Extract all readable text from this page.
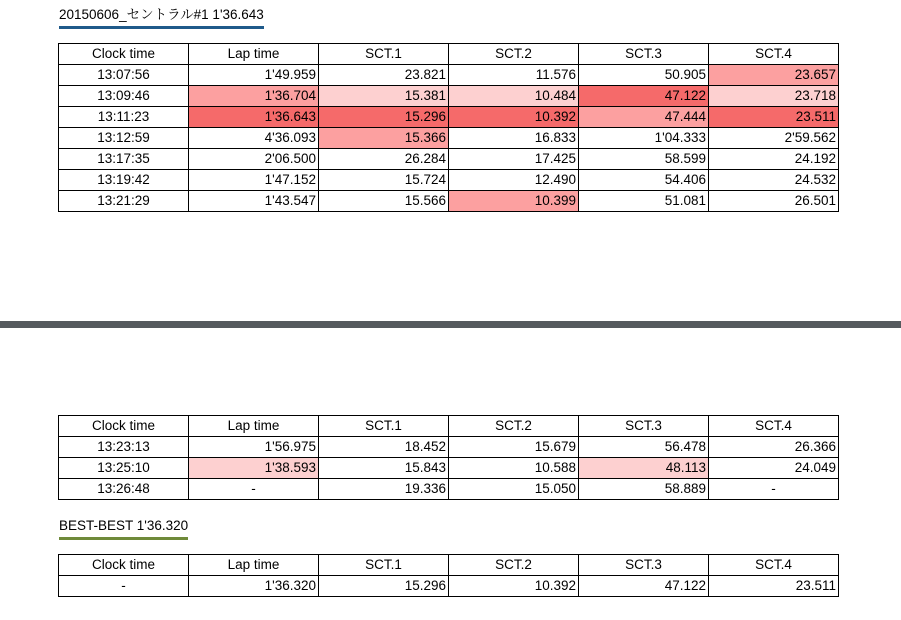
20150606_セントラル#1 1'36.643
Clock time	Lap time	SCT.1	SCT.2	SCT.3	SCT.4
13:07:56	1'49.959	23.821	11.576	50.905	23.657
13:09:46	1'36.704	15.381	10.484	47.122	23.718
13:11:23	1'36.643	15.296	10.392	47.444	23.511
13:12:59	4'36.093	15.366	16.833	1'04.333	2'59.562
13:17:35	2'06.500	26.284	17.425	58.599	24.192
13:19:42	1'47.152	15.724	12.490	54.406	24.532
13:21:29	1'43.547	15.566	10.399	51.081	26.501
Clock time	Lap time	SCT.1	SCT.2	SCT.3	SCT.4
13:23:13	1'56.975	18.452	15.679	56.478	26.366
13:25:10	1'38.593	15.843	10.588	48.113	24.049
13:26:48	-	19.336	15.050	58.889	-
BEST-BEST 1'36.320
Clock time	Lap time	SCT.1	SCT.2	SCT.3	SCT.4
-	1'36.320	15.296	10.392	47.122	23.511
